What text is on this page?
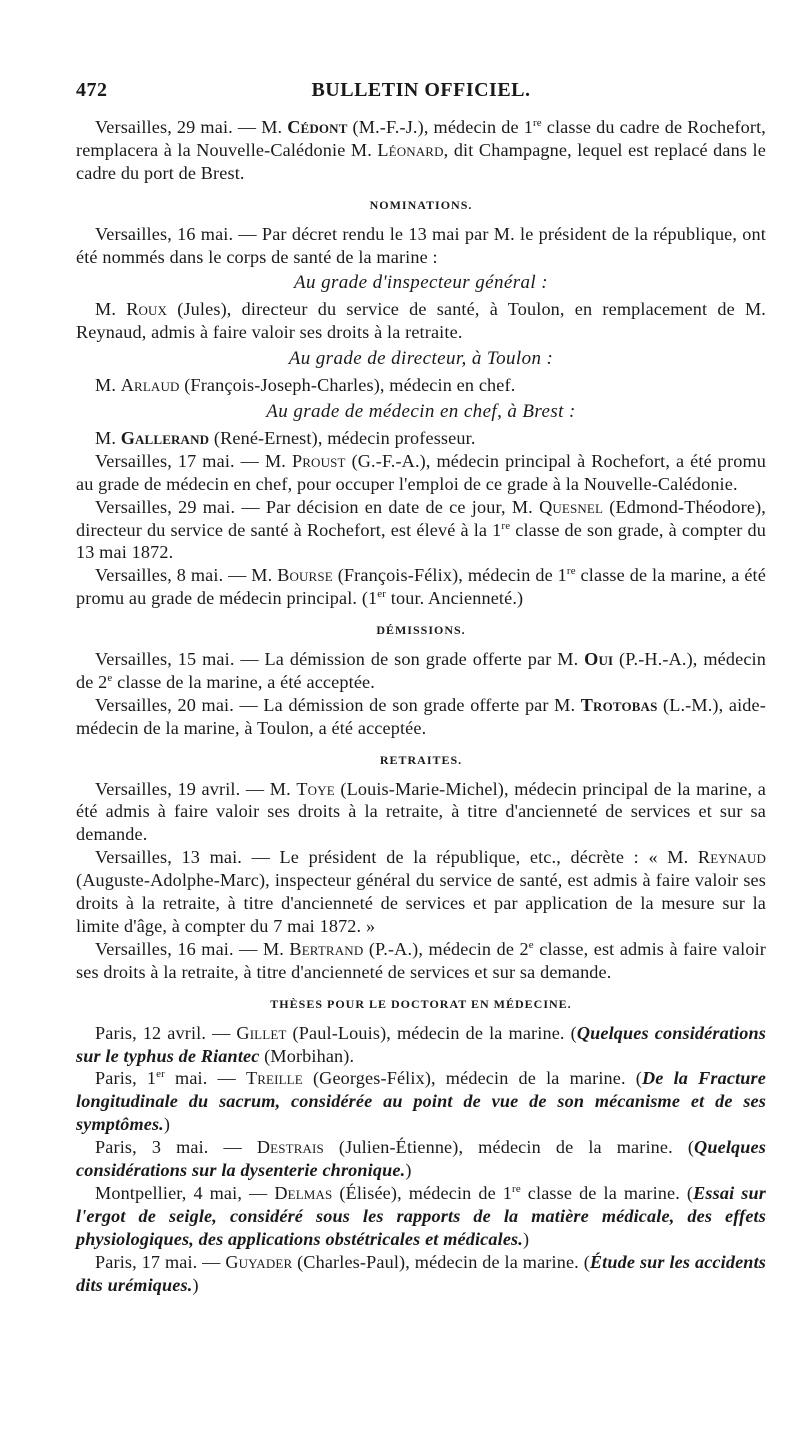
472	BULLETIN OFFICIEL.

Versailles, 29 mai. — M. Cédont (M.-F.-J.), médecin de 1re classe du cadre de Rochefort, remplacera à la Nouvelle-Calédonie M. Léonard, dit Champagne, lequel est replacé dans le cadre du port de Brest.

NOMINATIONS.

Versailles, 16 mai. — Par décret rendu le 13 mai par M. le président de la république, ont été nommés dans le corps de santé de la marine :

Au grade d'inspecteur général :

M. Roux (Jules), directeur du service de santé, à Toulon, en remplacement de M. Reynaud, admis à faire valoir ses droits à la retraite.

Au grade de directeur, à Toulon :

M. Arlaud (François-Joseph-Charles), médecin en chef.

Au grade de médecin en chef, à Brest :

M. Gallerand (René-Ernest), médecin professeur.

Versailles, 17 mai. — M. Proust (G.-F.-A.), médecin principal à Rochefort, a été promu au grade de médecin en chef, pour occuper l'emploi de ce grade à la Nouvelle-Calédonie.

Versailles, 29 mai. — Par décision en date de ce jour, M. Quesnel (Edmond-Théodore), directeur du service de santé à Rochefort, est élevé à la 1re classe de son grade, à compter du 13 mai 1872.

Versailles, 8 mai. — M. Bourse (François-Félix), médecin de 1re classe de la marine, a été promu au grade de médecin principal. (1er tour. Ancienneté.)

DÉMISSIONS.

Versailles, 15 mai. — La démission de son grade offerte par M. Oui (P.-H.-A.), médecin de 2e classe de la marine, a été acceptée.

Versailles, 20 mai. — La démission de son grade offerte par M. Trotobas (L.-M.), aide-médecin de la marine, à Toulon, a été acceptée.

RETRAITES.

Versailles, 19 avril. — M. Toye (Louis-Marie-Michel), médecin principal de la marine, a été admis à faire valoir ses droits à la retraite, à titre d'ancienneté de services et sur sa demande.

Versailles, 13 mai. — Le président de la république, etc., décrète : « M. Reynaud (Auguste-Adolphe-Marc), inspecteur général du service de santé, est admis à faire valoir ses droits à la retraite, à titre d'ancienneté de services et par application de la mesure sur la limite d'âge, à compter du 7 mai 1872. »

Versailles, 16 mai. — M. Bertrand (P.-A.), médecin de 2e classe, est admis à faire valoir ses droits à la retraite, à titre d'ancienneté de services et sur sa demande.

THÈSES POUR LE DOCTORAT EN MÉDECINE.

Paris, 12 avril. — Gillet (Paul-Louis), médecin de la marine. (Quelques considérations sur le typhus de Riantec (Morbihan).

Paris, 1er mai. — Treille (Georges-Félix), médecin de la marine. (De la Fracture longitudinale du sacrum, considérée au point de vue de son mécanisme et de ses symptômes.)

Paris, 3 mai. — Destrais (Julien-Étienne), médecin de la marine. (Quelques considérations sur la dysenterie chronique.)

Montpellier, 4 mai, — Delmas (Élisée), médecin de 1re classe de la marine. (Essai sur l'ergot de seigle, considéré sous les rapports de la matière médicale, des effets physiologiques, des applications obstétricales et médicales.)

Paris, 17 mai. — Guyader (Charles-Paul), médecin de la marine. (Étude sur les accidents dits urémiques.)
